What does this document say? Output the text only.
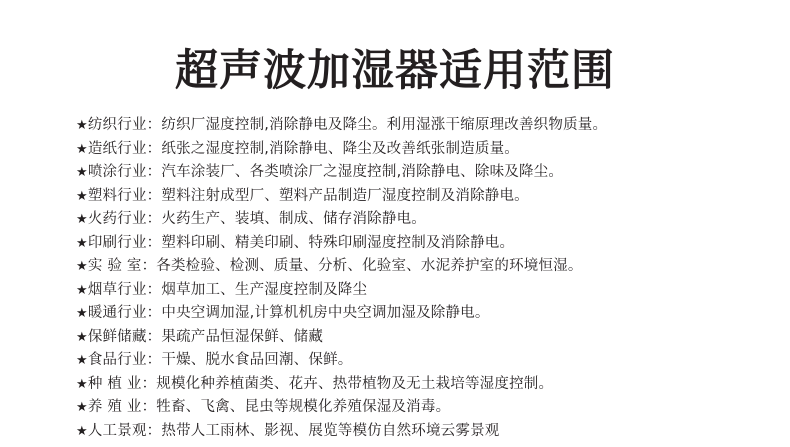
超声波加湿器适用范围
★纺织行业：纺织厂湿度控制,消除静电及降尘。利用湿涨干缩原理改善织物质量。
★造纸行业：纸张之湿度控制,消除静电、降尘及改善纸张制造质量。
★喷涂行业：汽车涂装厂、各类喷涂厂之湿度控制,消除静电、除味及降尘。
★塑料行业：塑料注射成型厂、塑料产品制造厂湿度控制及消除静电。
★火药行业：火药生产、装填、制成、储存消除静电。
★印刷行业：塑料印刷、精美印刷、特殊印刷湿度控制及消除静电。
★实 验 室：各类检验、检测、质量、分析、化验室、水泥养护室的环境恒湿。
★烟草行业：烟草加工、生产湿度控制及降尘
★暖通行业：中央空调加湿,计算机机房中央空调加湿及除静电。
★保鲜储藏：果疏产品恒湿保鲜、储藏
★食品行业：干燥、脱水食品回潮、保鲜。
★种 植 业：规模化种养植菌类、花卉、热带植物及无土栽培等湿度控制。
★养 殖 业：牲畜、飞禽、昆虫等规模化养殖保湿及消毒。
★人工景观：热带人工雨林、影视、展览等模仿自然环境云雾景观
